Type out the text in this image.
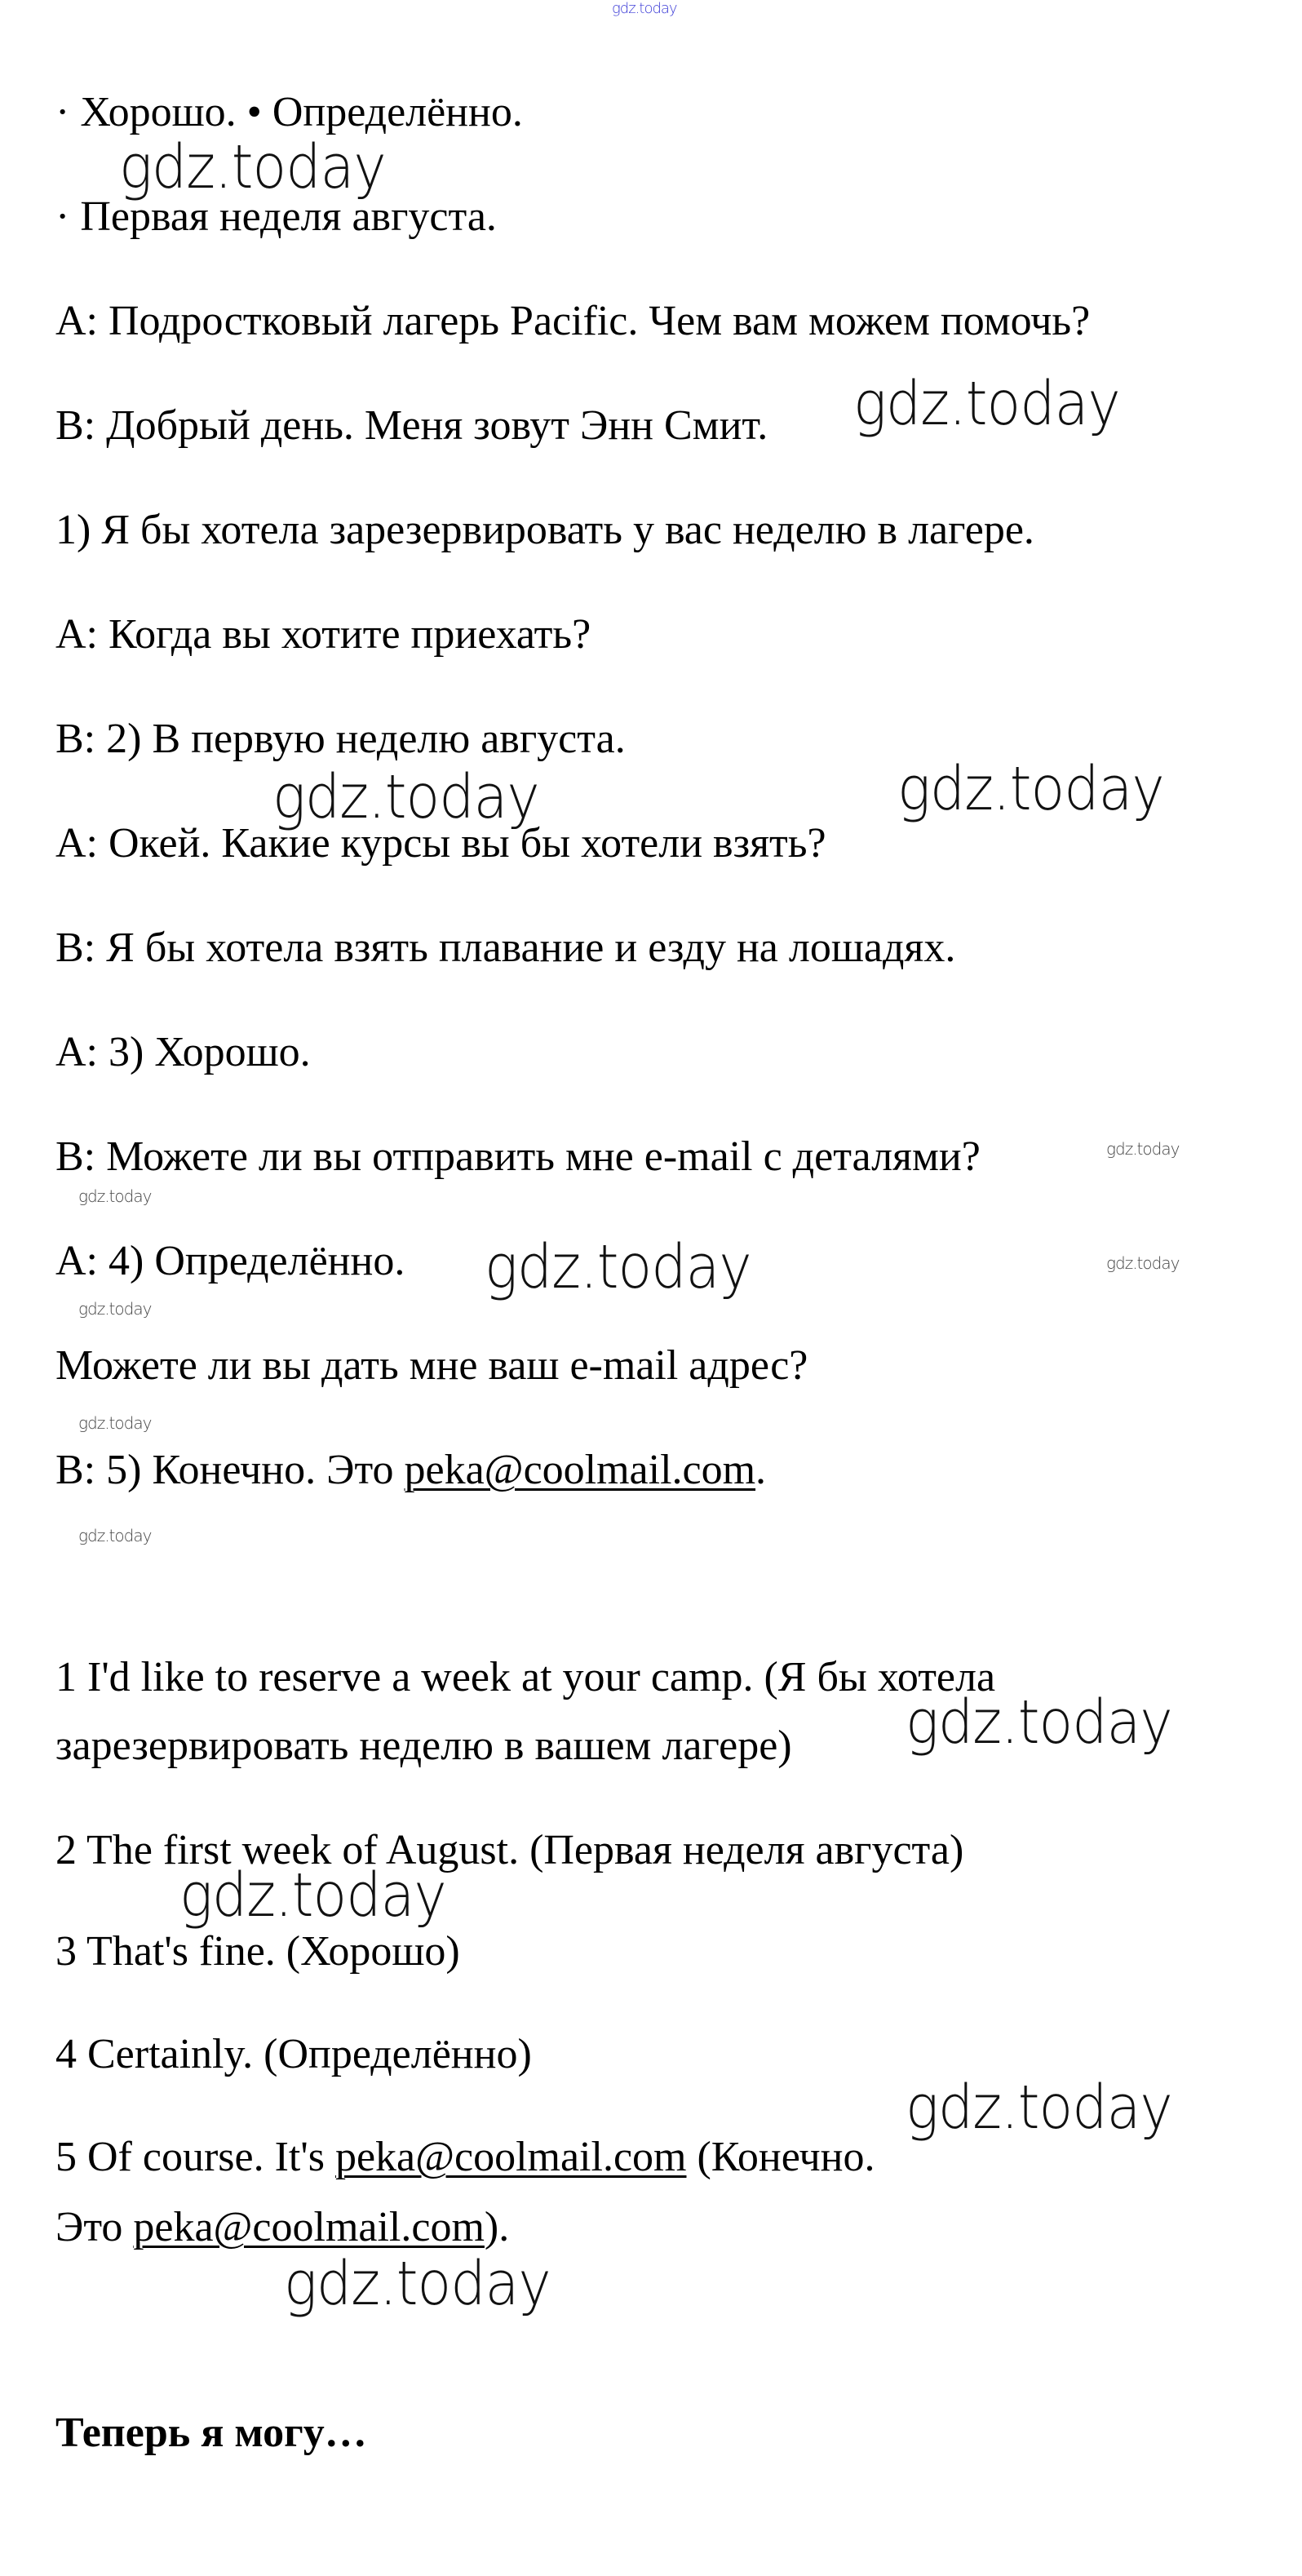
gdz.today
· Хорошо. • Определённо.
· Первая неделя августа.
A: Подростковый лагерь Pacific. Чем вам можем помочь?
B: Добрый день. Меня зовут Энн Смит.
1) Я бы хотела зарезервировать у вас неделю в лагере.
A: Когда вы хотите приехать?
B: 2) В первую неделю августа.
A: Окей. Какие курсы вы бы хотели взять?
B: Я бы хотела взять плавание и езду на лошадях.
A: 3) Хорошо.
B: Можете ли вы отправить мне e-mail с деталями?
A: 4) Определённо.
Можете ли вы дать мне ваш e-mail адрес?
B: 5) Конечно. Это peka@coolmail.com.
1 I'd like to reserve a week at your camp. (Я бы хотела
зарезервировать неделю в вашем лагере)
2 The first week of August. (Первая неделя августа)
3 That's fine. (Хорошо)
4 Certainly. (Определённо)
5 Of course. It's peka@coolmail.com (Конечно.
Это peka@coolmail.com).
Теперь я могу…
gdz.today
gdz.today
gdz.today	gdz.today
gdz.today
gdz.today
gdz.today
gdz.today
gdz.today
gdz.today
gdz.today
gdz.today
gdz.today
gdz.today
gdz.today
